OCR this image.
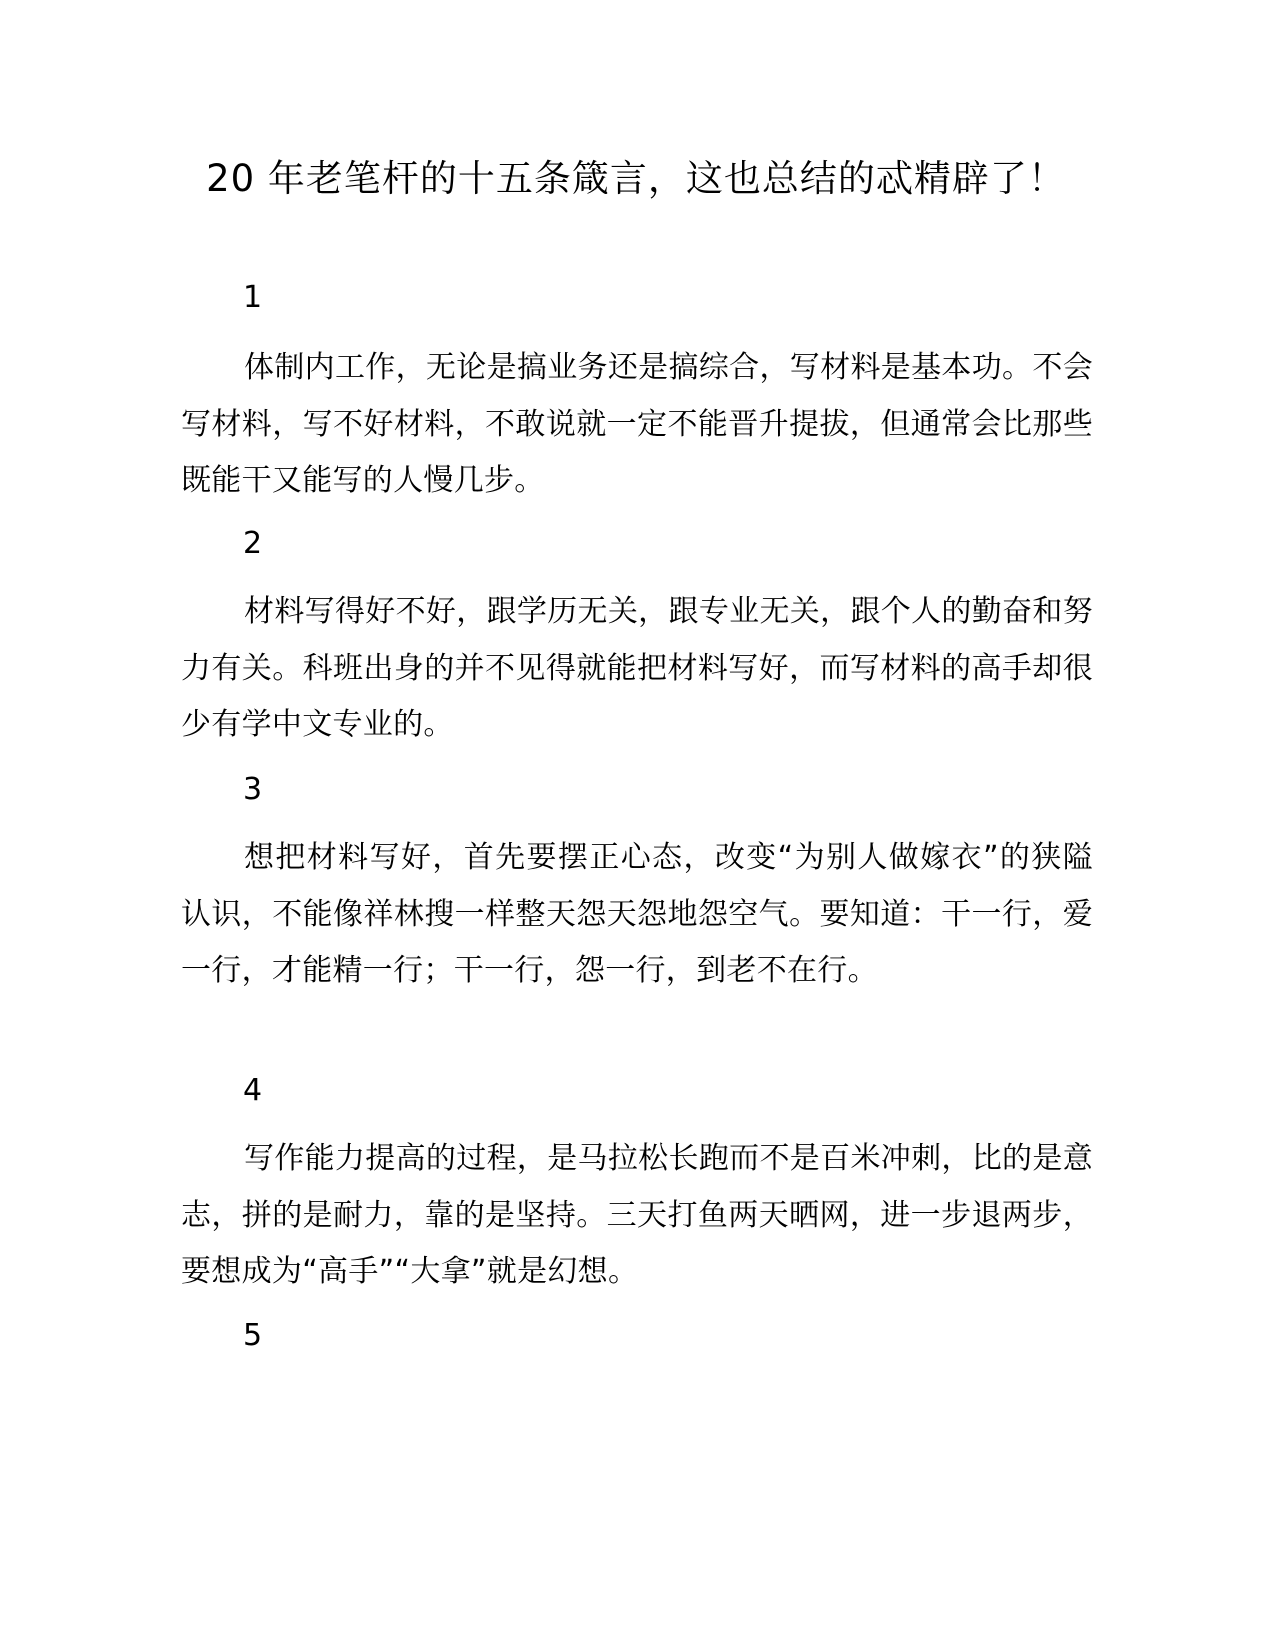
20 年老笔杆的十五条箴言，这也总结的忒精辟了！
1

体制内工作，无论是搞业务还是搞综合，写材料是基本功。不会写材料，写不好材料，不敢说就一定不能晋升提拔，但通常会比那些既能干又能写的人慢几步。

2

材料写得好不好，跟学历无关，跟专业无关，跟个人的勤奋和努力有关。科班出身的并不见得就能把材料写好，而写材料的高手却很少有学中文专业的。

3

想把材料写好，首先要摆正心态，改变“为别人做嫁衣”的狭隘认识，不能像祥林搜一样整天怨天怨地怨空气。要知道：干一行，爱一行，才能精一行；干一行，怨一行，到老不在行。

4

写作能力提高的过程，是马拉松长跑而不是百米冲刺，比的是意志，拼的是耐力，靠的是坚持。三天打鱼两天晒网，进一步退两步，要想成为“高手”“大拿”就是幻想。

5
